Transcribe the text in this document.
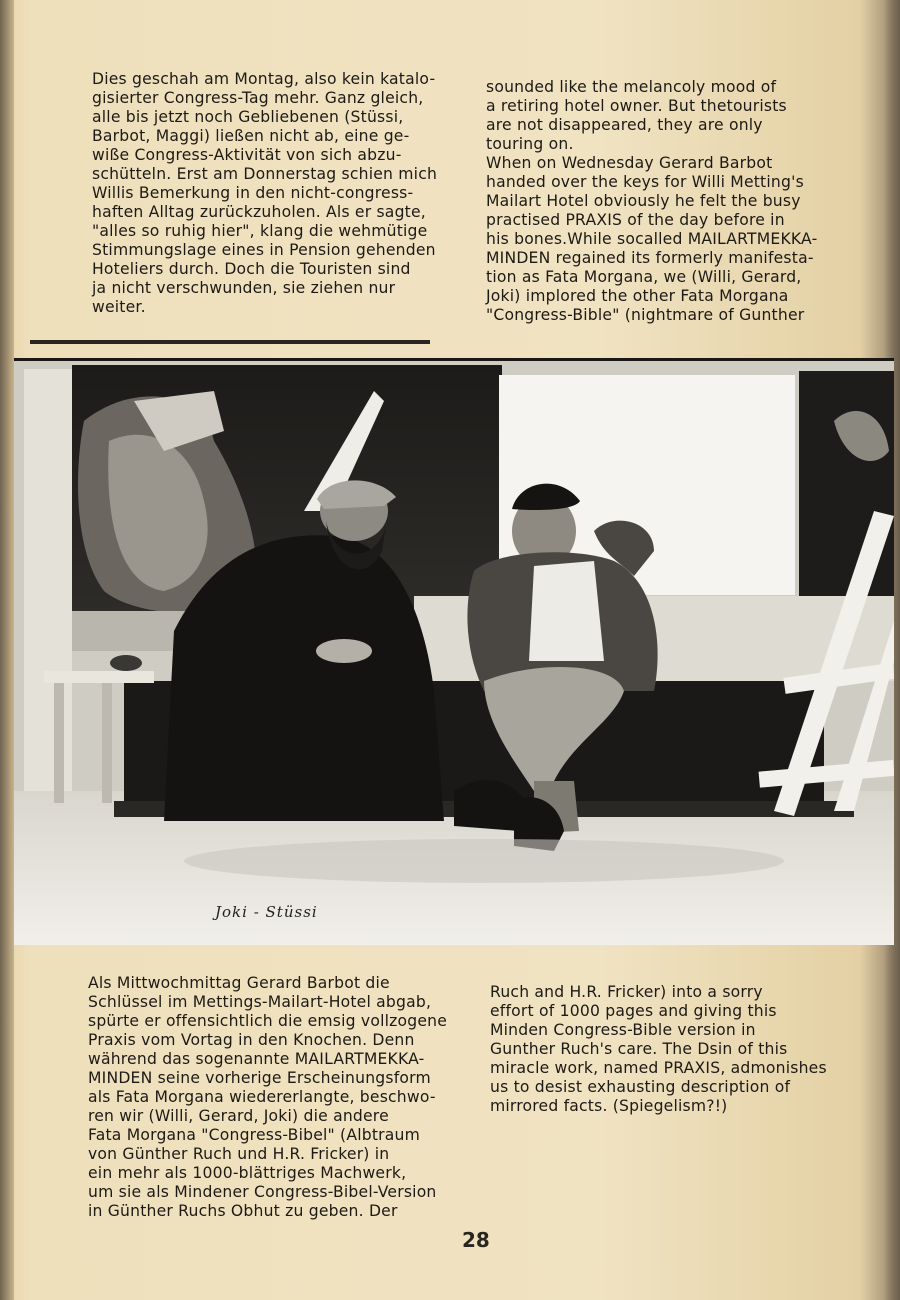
Dies geschah am Montag, also kein katalo-
gisierter Congress-Tag mehr. Ganz gleich,
alle bis jetzt noch Gebliebenen (Stüssi,
Barbot, Maggi) ließen nicht ab, eine ge-
wiße Congress-Aktivität von sich abzu-
schütteln. Erst am Donnerstag schien mich
Willis Bemerkung in den nicht-congress-
haften Alltag zurückzuholen. Als er sagte,
"alles so ruhig hier", klang die wehmütige
Stimmungslage eines in Pension gehenden
Hoteliers durch. Doch die Touristen sind
ja nicht verschwunden, sie ziehen nur
weiter.
sounded like the melancoly mood of
a retiring hotel owner. But thetourists
are not disappeared, they are only
touring on.
When on Wednesday Gerard Barbot
handed over the keys for Willi Metting's
Mailart Hotel obviously he felt the busy
practised PRAXIS of the day before in
his bones.While socalled MAILARTMEKKA-
MINDEN regained its formerly manifesta-
tion as Fata Morgana, we (Willi, Gerard,
Joki) implored the other Fata Morgana
"Congress-Bible" (nightmare of Gunther
Joki - Stüssi
Als Mittwochmittag Gerard Barbot die
Schlüssel im Mettings-Mailart-Hotel abgab,
spürte er offensichtlich die emsig vollzogene
Praxis vom Vortag in den Knochen. Denn
während das sogenannte MAILARTMEKKA-
MINDEN seine vorherige Erscheinungsform
als Fata Morgana wiedererlangte, beschwo-
ren wir (Willi, Gerard, Joki) die andere
Fata Morgana "Congress-Bibel" (Albtraum
von Günther Ruch und H.R. Fricker) in
ein mehr als 1000-blättriges Machwerk,
um sie als Mindener Congress-Bibel-Version
in Günther Ruchs Obhut zu geben. Der
Ruch and H.R. Fricker) into a sorry
effort of 1000 pages and giving this
Minden Congress-Bible version in
Gunther Ruch's care. The Dsin of this
miracle work, named PRAXIS, admonishes
us to desist exhausting description of
mirrored facts. (Spiegelism?!)
28
